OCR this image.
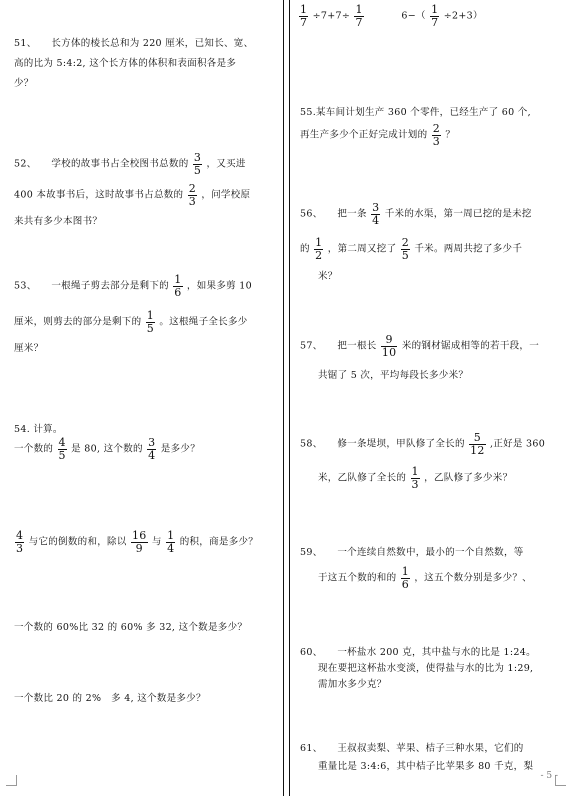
$\frac{1}{7} \div 7+7\div \frac{1}{7}$	$6-( \frac{1}{7} \div 2+3)$
51、　　长方体的棱长总和为 220 厘米，已知长、宽、
高的比为 5:4:2, 这个长方体的体积和表面积各是多
少？
52、　　学校的故事书占全校图书总数的 $\frac{3}{5}$ ，又买进
400 本故事书后，这时故事书占总数的 $\frac{2}{3}$ ，问学校原
来共有多少本图书？
53、　　一根绳子剪去部分是剩下的 $\frac{1}{6}$ ，如果多剪 10
厘米，则剪去的部分是剩下的 $\frac{1}{5}$ 。这根绳子全长多少
厘米？
54. 计算。
一个数的 $\frac{4}{5}$ 是 80, 这个数的 $\frac{3}{4}$ 是多少？
$\frac{4}{3}$ 与它的倒数的和，除以 $\frac{16}{9}$ 与 $\frac{1}{4}$ 的积，商是多少？
一个数的 60%比 32 的 60% 多 32, 这个数是多少？
一个数比 20 的 2%　多 4, 这个数是多少？
55.某车间计划生产 360 个零件，已经生产了 60 个,
再生产多少个正好完成计划的 $\frac{2}{3}$ ？
56、　　把一条 $\frac{3}{4}$ 千米的水渠，第一周已挖的是未挖
的 $\frac{1}{2}$ ，第二周又挖了 $\frac{2}{5}$ 千米。两周共挖了多少千
米？
57、　　把一根长 $\frac{9}{10}$ 米的钢材锯成相等的若干段，一
共锯了 5 次，平均每段长多少米？
58、　　修一条堤坝，甲队修了全长的 $\frac{5}{12}$ ,正好是 360
米，乙队修了全长的 $\frac{1}{3}$ ，乙队修了多少米？
59、　　一个连续自然数中，最小的一个自然数，等
于这五个数的和的 $\frac{1}{6}$ ，这五个数分别是多少？、
60、　　一杯盐水 200 克，其中盐与水的比是 1:24。
现在要把这杯盐水变淡，使得盐与水的比为 1:29,
需加水多少克？
61、　　王叔叔卖梨、苹果、桔子三种水果，它们的
重量比是 3:4:6，其中桔子比苹果多 80 千克，梨
- 5 -
